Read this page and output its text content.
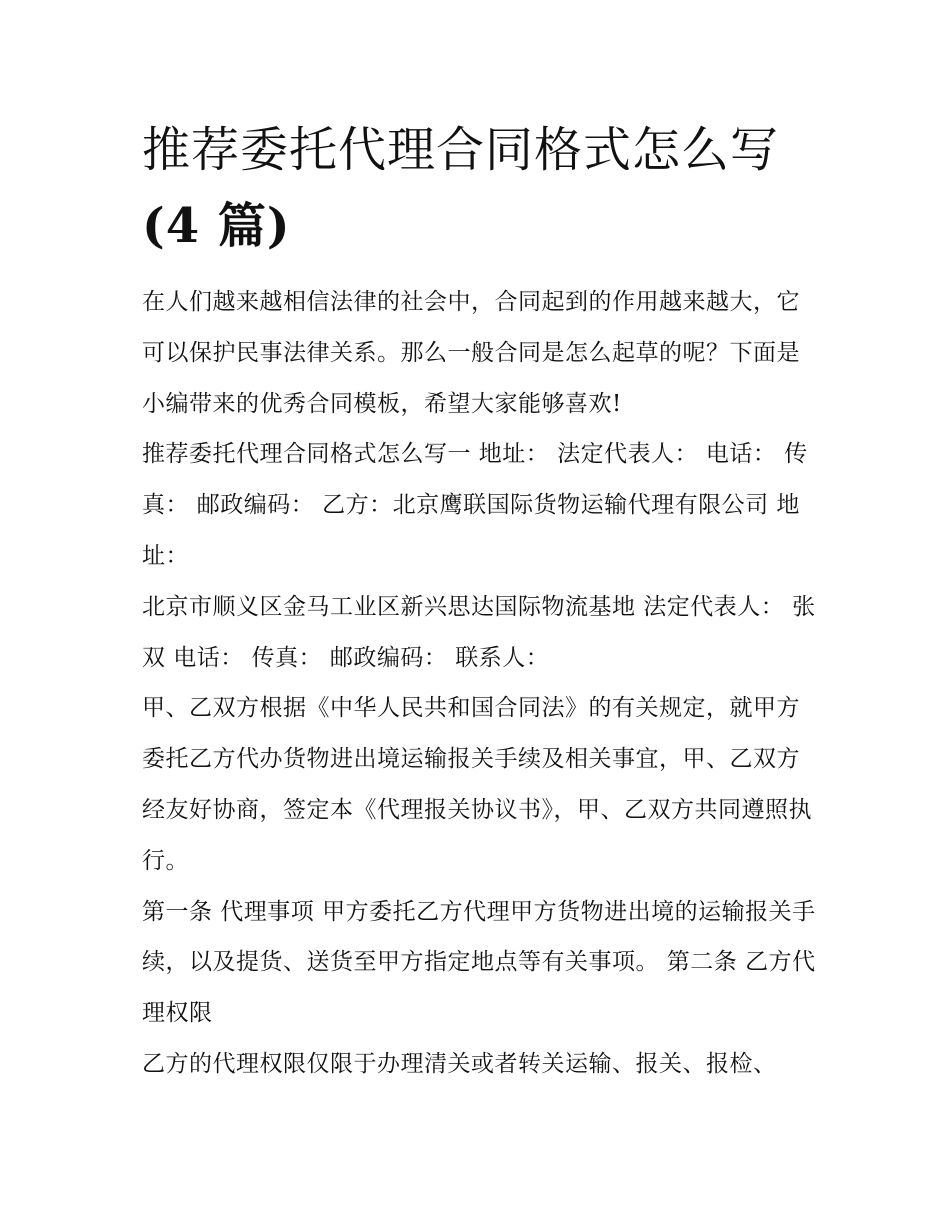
推荐委托代理合同格式怎么写
(4 篇)

在人们越来越相信法律的社会中，合同起到的作用越来越大，它可以保护民事法律关系。那么一般合同是怎么起草的呢？下面是小编带来的优秀合同模板，希望大家能够喜欢!

推荐委托代理合同格式怎么写一 地址： 法定代表人： 电话： 传真： 邮政编码： 乙方：北京鹰联国际货物运输代理有限公司 地址：

北京市顺义区金马工业区新兴思达国际物流基地 法定代表人： 张双 电话： 传真： 邮政编码： 联系人：

甲、乙双方根据《中华人民共和国合同法》的有关规定，就甲方委托乙方代办货物进出境运输报关手续及相关事宜，甲、乙双方经友好协商，签定本《代理报关协议书》，甲、乙双方共同遵照执行。

第一条 代理事项 甲方委托乙方代理甲方货物进出境的运输报关手续，以及提货、送货至甲方指定地点等有关事项。 第二条 乙方代理权限

乙方的代理权限仅限于办理清关或者转关运输、报关、报检、
